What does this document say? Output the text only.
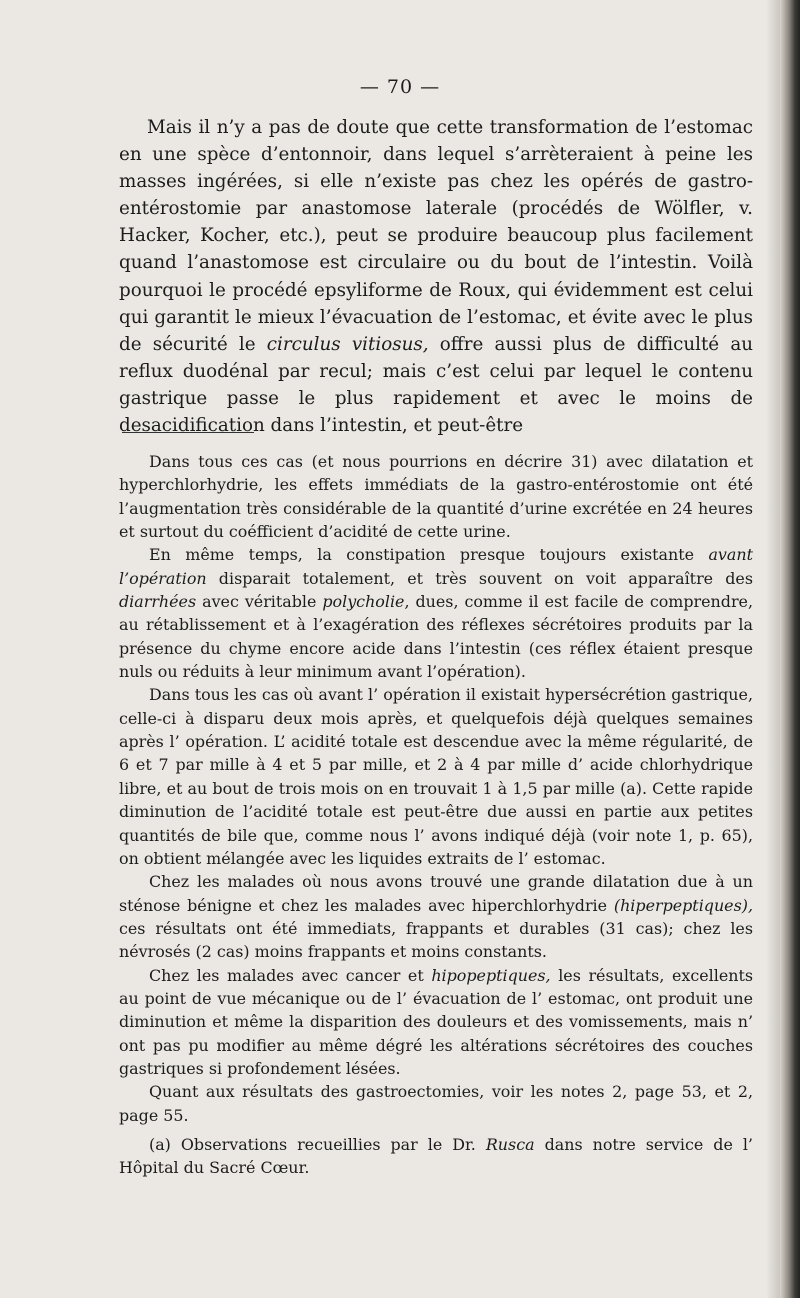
— 70 —

Mais il n’y a pas de doute que cette transformation de l’estomac en une spèce d’entonnoir, dans lequel s’arrèteraient à peine les masses ingérées, si elle n’existe pas chez les opérés de gastro-entérostomie par anastomose laterale (procédés de Wölfler, v. Hacker, Kocher, etc.), peut se produire beaucoup plus facilement quand l’anastomose est circulaire ou du bout de l’intestin. Voilà pourquoi le procédé epsyliforme de Roux, qui évidemment est celui qui garantit le mieux l’évacuation de l’estomac, et évite avec le plus de sécurité le circulus vitiosus, offre aussi plus de difficulté au reflux duodénal par recul; mais c’est celui par lequel le contenu gastrique passe le plus rapidement et avec le moins de desacidification dans l’intestin, et peut-être

Dans tous ces cas (et nous pourrions en décrire 31) avec dilatation et hyperchlorhydrie, les effets immédiats de la gastro-entérostomie ont été l’augmentation très considérable de la quantité d’urine excrétée en 24 heures et surtout du coéfficient d’acidité de cette urine.

En même temps, la constipation presque toujours existante avant l’opération disparait totalement, et très souvent on voit apparaître des diarrhées avec véritable polycholie, dues, comme il est facile de comprendre, au rétablissement et à l’exagération des réflexes sécrétoires produits par la présence du chyme encore acide dans l’intestin (ces réflex étaient presque nuls ou réduits à leur minimum avant l’opération).

Dans tous les cas où avant l’ opération il existait hypersécrétion gastrique, celle-ci à disparu deux mois après, et quelquefois déjà quelques semaines après l’ opération. L’ acidité totale est descendue avec la même régularité, de 6 et 7 par mille à 4 et 5 par mille, et 2 à 4 par mille d’ acide chlorhydrique libre, et au bout de trois mois on en trouvait 1 à 1,5 par mille (a). Cette rapide diminution de l’acidité totale est peut-être due aussi en partie aux petites quantités de bile que, comme nous l’ avons indiqué déjà (voir note 1, p. 65), on obtient mélangée avec les liquides extraits de l’ estomac.

Chez les malades où nous avons trouvé une grande dilatation due à un sténose bénigne et chez les malades avec hiperchlorhydrie (hiperpeptiques), ces résultats ont été immediats, frappants et durables (31 cas); chez les névrosés (2 cas) moins frappants et moins constants.

Chez les malades avec cancer et hipopeptiques, les résultats, excellents au point de vue mécanique ou de l’ évacuation de l’ estomac, ont produit une diminution et même la disparition des douleurs et des vomissements, mais n’ ont pas pu modifier au même dégré les altérations sécrétoires des couches gastriques si profondement lésées.

Quant aux résultats des gastroectomies, voir les notes 2, page 53, et 2, page 55.

(a) Observations recueillies par le Dr. Rusca dans notre service de l’ Hôpital du Sacré Cœur.
